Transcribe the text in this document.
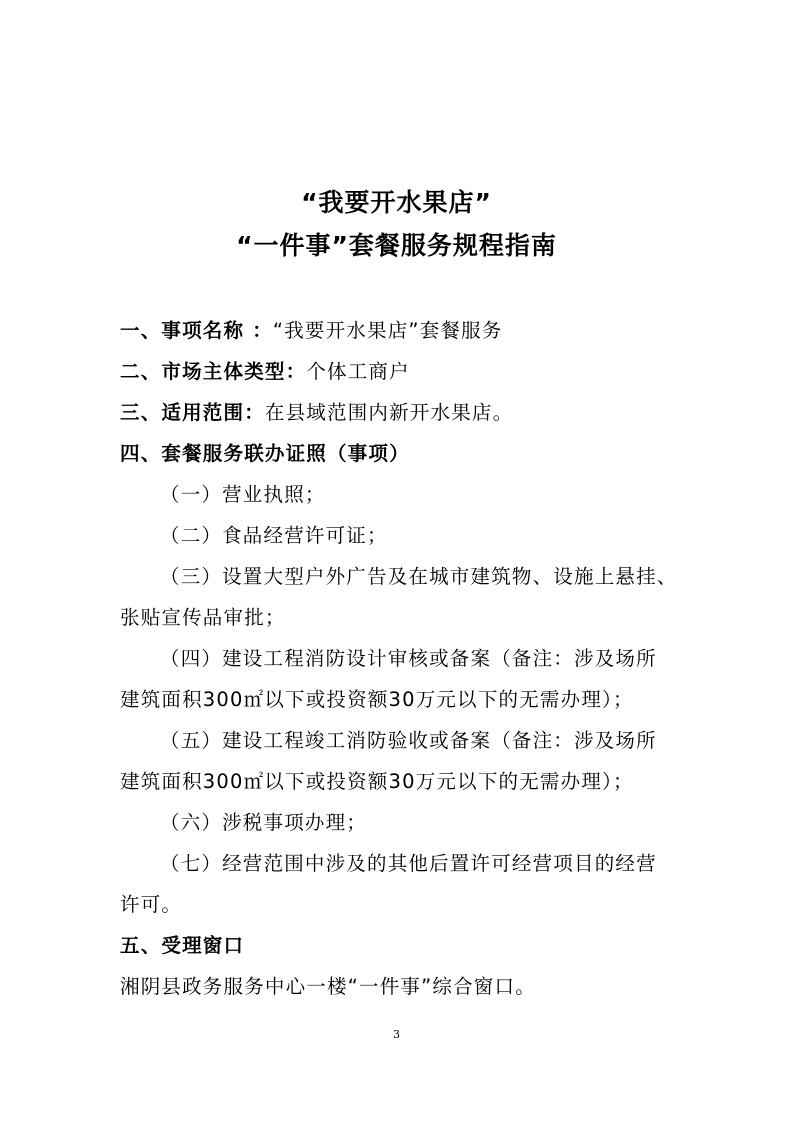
“我要开水果店”
“一件事”套餐服务规程指南
一、事项名称 ：“我要开水果店”套餐服务
二、市场主体类型：个体工商户
三、适用范围：在县域范围内新开水果店。
四、套餐服务联办证照（事项）
（一）营业执照；
（二）食品经营许可证；
（三）设置大型户外广告及在城市建筑物、设施上悬挂、
张贴宣传品审批；
（四）建设工程消防设计审核或备案（备注：涉及场所
建筑面积300㎡以下或投资额30万元以下的无需办理）；
（五）建设工程竣工消防验收或备案（备注：涉及场所
建筑面积300㎡以下或投资额30万元以下的无需办理）；
（六）涉税事项办理；
（七）经营范围中涉及的其他后置许可经营项目的经营
许可。
五、受理窗口
湘阴县政务服务中心一楼“一件事”综合窗口。
3
